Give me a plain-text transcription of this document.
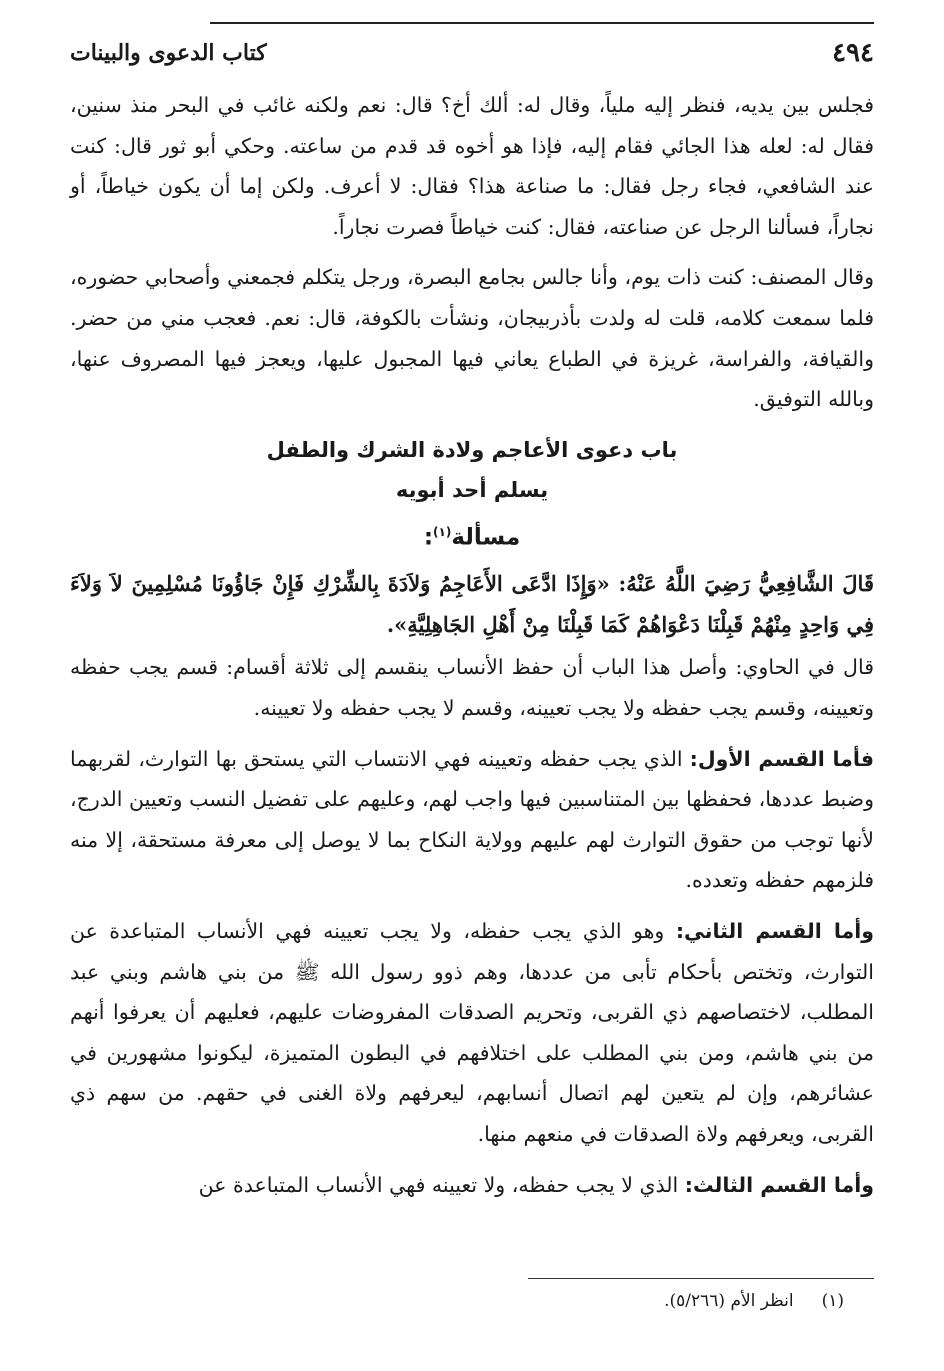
٤٩٤
كتاب الدعوى والبينات

فجلس بين يديه، فنظر إليه ملياً، وقال له: ألك أخ؟ قال: نعم ولكنه غائب في البحر منذ سنين، فقال له: لعله هذا الجائي فقام إليه، فإذا هو أخوه قد قدم من ساعته. وحكي أبو ثور قال: كنت عند الشافعي، فجاء رجل فقال: ما صناعة هذا؟ فقال: لا أعرف. ولكن إما أن يكون خياطاً، أو نجاراً، فسألنا الرجل عن صناعته، فقال: كنت خياطاً فصرت نجاراً.

وقال المصنف: كنت ذات يوم، وأنا جالس بجامع البصرة، ورجل يتكلم فجمعني وأصحابي حضوره، فلما سمعت كلامه، قلت له ولدت بأذربيجان، ونشأت بالكوفة، قال: نعم. فعجب مني من حضر. والقيافة، والفراسة، غريزة في الطباع يعاني فيها المجبول عليها، ويعجز فيها المصروف عنها، وبالله التوفيق.

باب دعوى الأعاجم ولادة الشرك والطفل
يسلم أحد أبويه
مسألة$^{(١)}$:

قَالَ الشَّافِعِيُّ رَضِيَ اللَّهُ عَنْهُ: «وَإِذَا ادَّعَى الأَعَاجِمُ وَلاَدَةَ بِالشِّرْكِ فَإِنْ جَاؤُونَا مُسْلِمِينَ لاَ وَلاَءَ فِي وَاحِدٍ مِنْهُمْ قَبِلْنَا دَعْوَاهُمْ كَمَا قَبِلْنَا مِنْ أَهْلِ الجَاهِلِيَّةِ».

قال في الحاوي: وأصل هذا الباب أن حفظ الأنساب ينقسم إلى ثلاثة أقسام: قسم يجب حفظه وتعيينه، وقسم يجب حفظه ولا يجب تعيينه، وقسم لا يجب حفظه ولا تعيينه.

فأما القسم الأول: الذي يجب حفظه وتعيينه فهي الانتساب التي يستحق بها التوارث، لقربهما وضبط عددها، فحفظها بين المتناسبين فيها واجب لهم، وعليهم على تفضيل النسب وتعيين الدرج، لأنها توجب من حقوق التوارث لهم عليهم وولاية النكاح بما لا يوصل إلى معرفة مستحقة، إلا منه فلزمهم حفظه وتعدده.

وأما القسم الثاني: وهو الذي يجب حفظه، ولا يجب تعيينه فهي الأنساب المتباعدة عن التوارث، وتختص بأحكام تأبى من عددها، وهم ذوو رسول الله ﷺ من بني هاشم وبني عبد المطلب، لاختصاصهم ذي القربى، وتحريم الصدقات المفروضات عليهم، فعليهم أن يعرفوا أنهم من بني هاشم، ومن بني المطلب على اختلافهم في البطون المتميزة، ليكونوا مشهورين في عشائرهم، وإن لم يتعين لهم اتصال أنسابهم، ليعرفهم ولاة الغنى في حقهم. من سهم ذي القربى، ويعرفهم ولاة الصدقات في منعهم منها.

وأما القسم الثالث: الذي لا يجب حفظه، ولا تعيينه فهي الأنساب المتباعدة عن

(١)انظر الأم (٥/٢٦٦).
